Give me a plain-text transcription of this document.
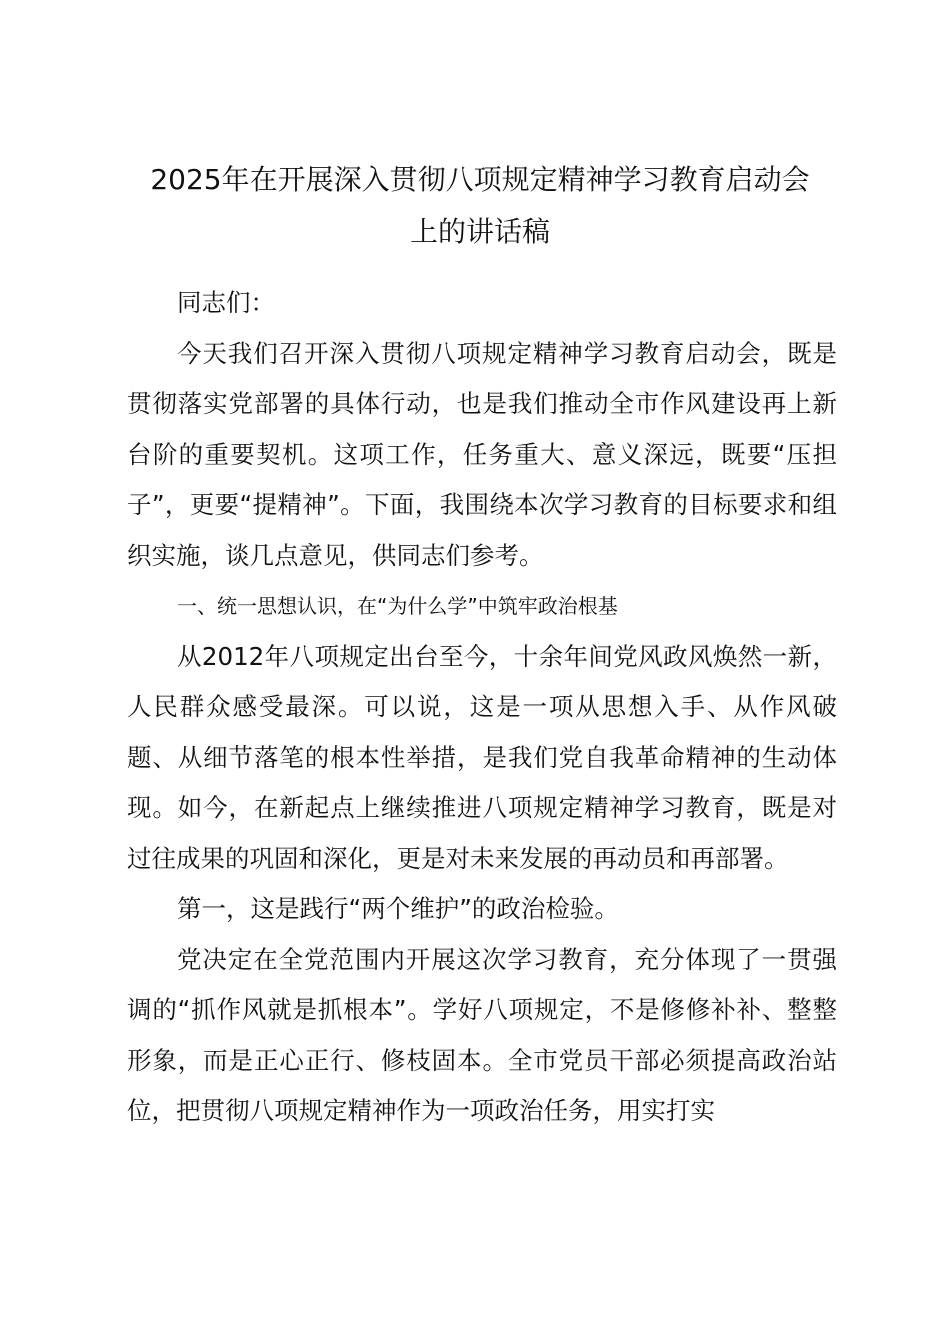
2025年在开展深入贯彻八项规定精神学习教育启动会
上的讲话稿

同志们：

今天我们召开深入贯彻八项规定精神学习教育启动会，既是贯彻落实党部署的具体行动，也是我们推动全市作风建设再上新台阶的重要契机。这项工作，任务重大、意义深远，既要“压担子”，更要“提精神”。下面，我围绕本次学习教育的目标要求和组织实施，谈几点意见，供同志们参考。

一、统一思想认识，在“为什么学”中筑牢政治根基

从2012年八项规定出台至今，十余年间党风政风焕然一新，人民群众感受最深。可以说，这是一项从思想入手、从作风破题、从细节落笔的根本性举措，是我们党自我革命精神的生动体现。如今，在新起点上继续推进八项规定精神学习教育，既是对过往成果的巩固和深化，更是对未来发展的再动员和再部署。

第一，这是践行“两个维护”的政治检验。

党决定在全党范围内开展这次学习教育，充分体现了一贯强调的“抓作风就是抓根本”。学好八项规定，不是修修补补、整整形象，而是正心正行、修枝固本。全市党员干部必须提高政治站位，把贯彻八项规定精神作为一项政治任务，用实打实
